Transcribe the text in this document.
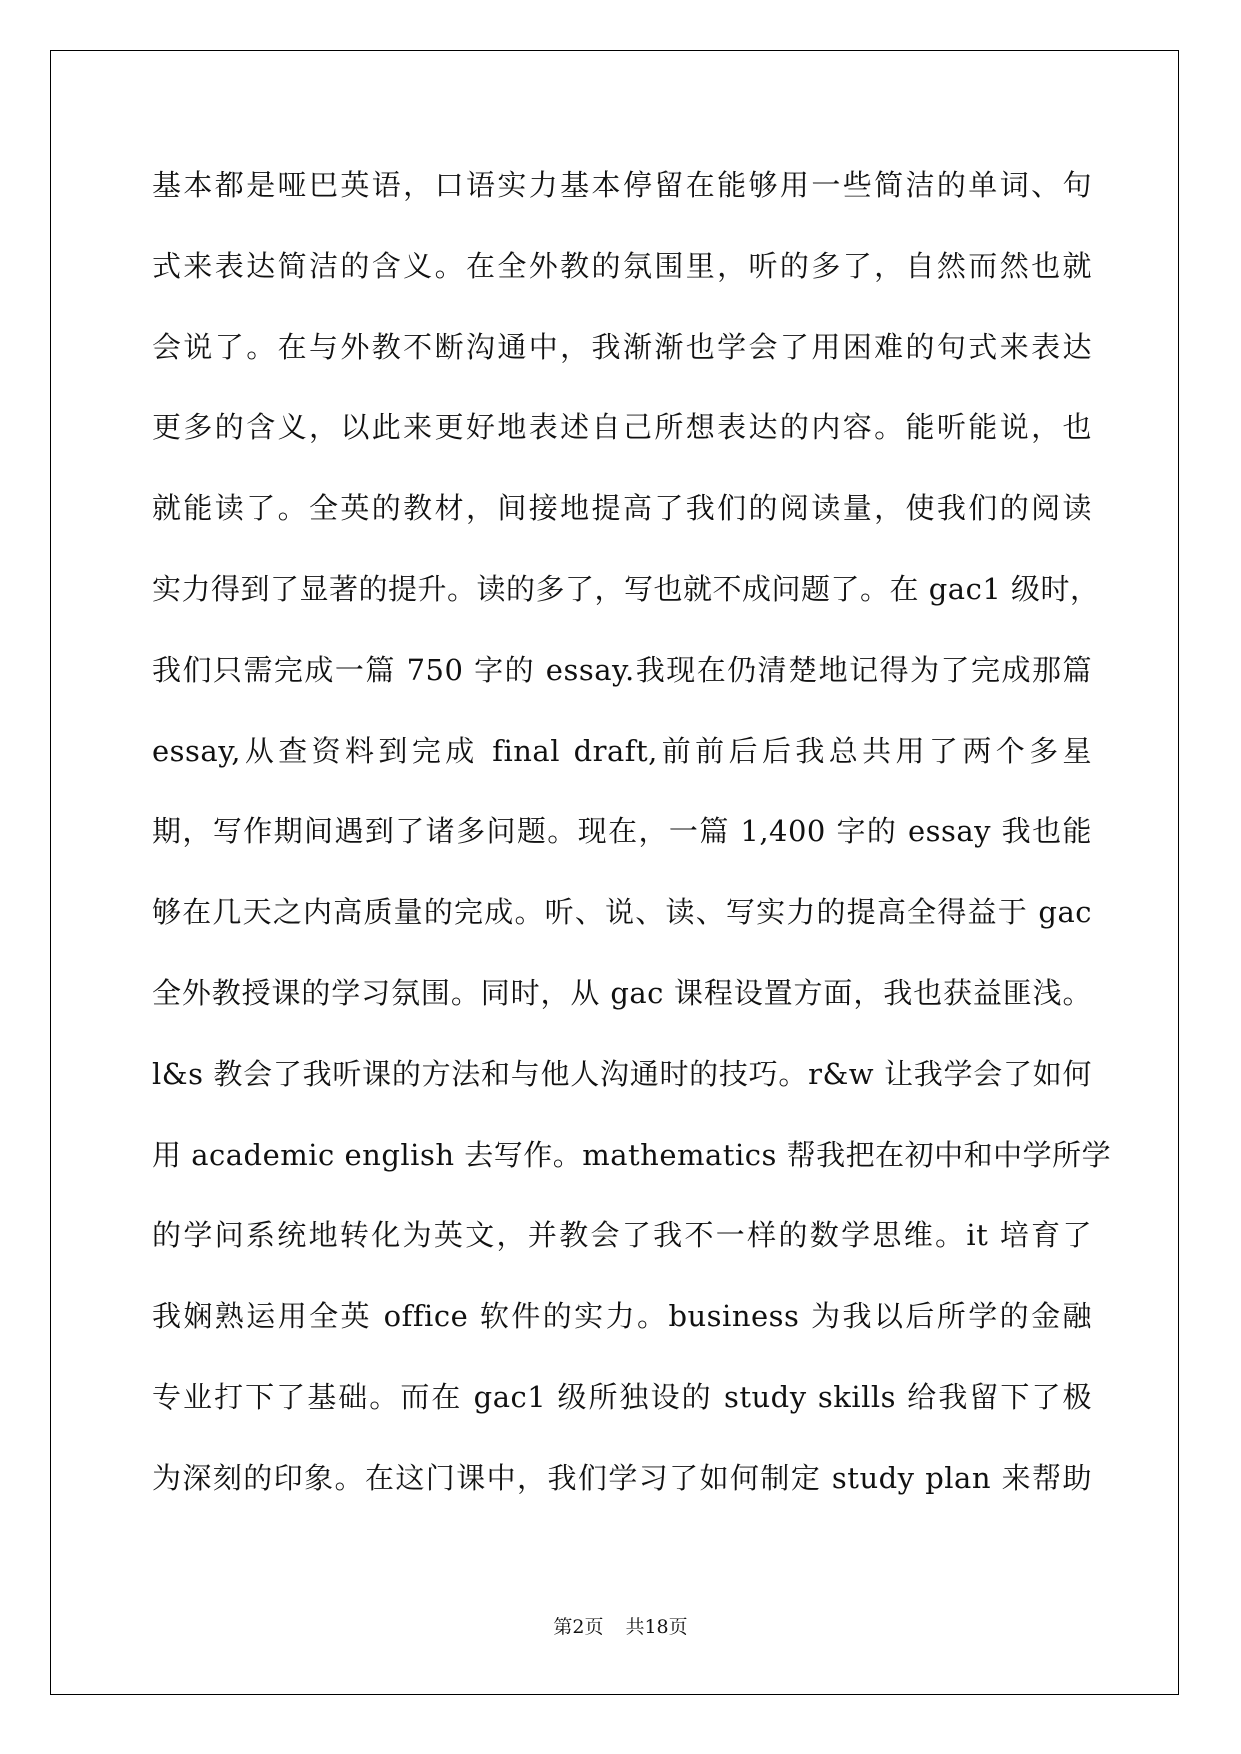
基本都是哑巴英语，口语实力基本停留在能够用一些简洁的单词、句
式来表达简洁的含义。在全外教的氛围里，听的多了，自然而然也就
会说了。在与外教不断沟通中，我渐渐也学会了用困难的句式来表达
更多的含义，以此来更好地表述自己所想表达的内容。能听能说，也
就能读了。全英的教材，间接地提高了我们的阅读量，使我们的阅读
实力得到了显著的提升。读的多了，写也就不成问题了。在 gac1 级时，
我们只需完成一篇 750 字的 essay.我现在仍清楚地记得为了完成那篇
essay,从查资料到完成 final draft,前前后后我总共用了两个多星
期，写作期间遇到了诸多问题。现在，一篇 1,400 字的 essay 我也能
够在几天之内高质量的完成。听、说、读、写实力的提高全得益于 gac
全外教授课的学习氛围。同时，从 gac 课程设置方面，我也获益匪浅。
l&s 教会了我听课的方法和与他人沟通时的技巧。r&w 让我学会了如何
用 academic english 去写作。mathematics 帮我把在初中和中学所学
的学问系统地转化为英文，并教会了我不一样的数学思维。it 培育了
我娴熟运用全英 office 软件的实力。business 为我以后所学的金融
专业打下了基础。而在 gac1 级所独设的 study skills 给我留下了极
为深刻的印象。在这门课中，我们学习了如何制定 study plan 来帮助
第2页 共18页
